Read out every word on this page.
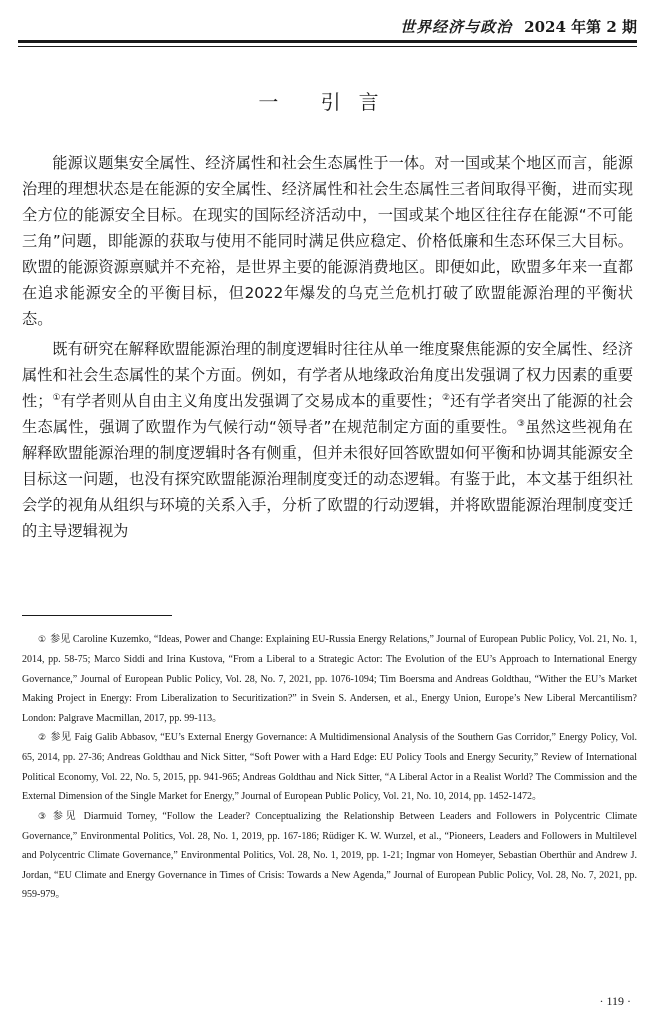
世界经济与政治 2024 年第 2 期
一 引言

能源议题集安全属性、经济属性和社会生态属性于一体。对一国或某个地区而言，能源治理的理想状态是在能源的安全属性、经济属性和社会生态属性三者间取得平衡，进而实现全方位的能源安全目标。在现实的国际经济活动中，一国或某个地区往往存在能源“不可能三角”问题，即能源的获取与使用不能同时满足供应稳定、价格低廉和生态环保三大目标。欧盟的能源资源禀赋并不充裕，是世界主要的能源消费地区。即便如此，欧盟多年来一直都在追求能源安全的平衡目标，但2022年爆发的乌克兰危机打破了欧盟能源治理的平衡状态。

既有研究在解释欧盟能源治理的制度逻辑时往往从单一维度聚焦能源的安全属性、经济属性和社会生态属性的某个方面。例如，有学者从地缘政治角度出发强调了权力因素的重要性；①有学者则从自由主义角度出发强调了交易成本的重要性；②还有学者突出了能源的社会生态属性，强调了欧盟作为气候行动“领导者”在规范制定方面的重要性。③虽然这些视角在解释欧盟能源治理的制度逻辑时各有侧重，但并未很好回答欧盟如何平衡和协调其能源安全目标这一问题，也没有探究欧盟能源治理制度变迁的动态逻辑。有鉴于此，本文基于组织社会学的视角从组织与环境的关系入手，分析了欧盟的行动逻辑，并将欧盟能源治理制度变迁的主导逻辑视为

① 参见 Caroline Kuzemko, “Ideas, Power and Change: Explaining EU-Russia Energy Relations,” Journal of European Public Policy, Vol. 21, No. 1, 2014, pp. 58-75; Marco Siddi and Irina Kustova, “From a Liberal to a Strategic Actor: The Evolution of the EU’s Approach to International Energy Governance,” Journal of European Public Policy, Vol. 28, No. 7, 2021, pp. 1076-1094; Tim Boersma and Andreas Goldthau, “Wither the EU’s Market Making Project in Energy: From Liberalization to Securitization?” in Svein S. Andersen, et al., Energy Union, Europe’s New Liberal Mercantilism? London: Palgrave Macmillan, 2017, pp. 99-113。

② 参见 Faig Galib Abbasov, “EU’s External Energy Governance: A Multidimensional Analysis of the Southern Gas Corridor,” Energy Policy, Vol. 65, 2014, pp. 27-36; Andreas Goldthau and Nick Sitter, “Soft Power with a Hard Edge: EU Policy Tools and Energy Security,” Review of International Political Economy, Vol. 22, No. 5, 2015, pp. 941-965; Andreas Goldthau and Nick Sitter, “A Liberal Actor in a Realist World? The Commission and the External Dimension of the Single Market for Energy,” Journal of European Public Policy, Vol. 21, No. 10, 2014, pp. 1452-1472。

③ 参见 Diarmuid Torney, “Follow the Leader? Conceptualizing the Relationship Between Leaders and Followers in Polycentric Climate Governance,” Environmental Politics, Vol. 28, No. 1, 2019, pp. 167-186; Rüdiger K. W. Wurzel, et al., “Pioneers, Leaders and Followers in Multilevel and Polycentric Climate Governance,” Environmental Politics, Vol. 28, No. 1, 2019, pp. 1-21; Ingmar von Homeyer, Sebastian Oberthür and Andrew J. Jordan, “EU Climate and Energy Governance in Times of Crisis: Towards a New Agenda,” Journal of European Public Policy, Vol. 28, No. 7, 2021, pp. 959-979。

· 119 ·
